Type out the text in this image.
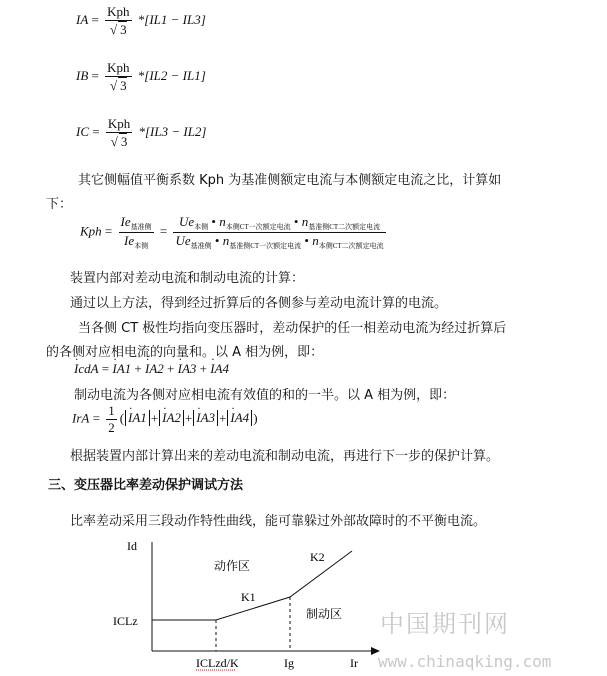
IA = $\frac{\text{Kph}}{√ 3} *[IL1 - IL3]$
IB = $\frac{\text{Kph}}{√ 3} *[IL2 - IL1]$
IC = $\frac{\text{Kph}}{√ 3} *[IL3 - IL2]$
其它侧幅值平衡系数 Kph 为基准侧额定电流与本侧额定电流之比，计算如
下：
Kph = $\frac{Ie_{基准侧}}{Ie_{本侧}} = \frac{Ue_{本侧} • n_{本侧CT一次额定电流} • n_{基准侧CT二次额定电流}}{Ue_{基准侧} • n_{基准侧CT一次额定电流} • n_{本侧CT二次额定电流}}$
装置内部对差动电流和制动电流的计算：
通过以上方法，得到经过折算后的各侧参与差动电流计算的电流。
当各侧 CT 极性均指向变压器时，差动保护的任一相差动电流为经过折算后
的各侧对应相电流的向量和。以 A 相为例，即：
· IcdA = · IA1 + · IA2 + · IA3 + · IA4
制动电流为各侧对应相电流有效值的和的一半。以 A 相为例，即：
IrA = $\frac{1}{2}$ ( · IA1 + · IA2 + · IA3 + · IA4 )
根据装置内部计算出来的差动电流和制动电流，再进行下一步的保护计算。
三、变压器比率差动保护调试方法
比率差动采用三段动作特性曲线，能可靠躲过外部故障时的不平衡电流。
Id
ICLz
ICLzd/K	Ig	Ir
动作区
制动区
K1
K2
中国期刊网
www.chinaqking.com
